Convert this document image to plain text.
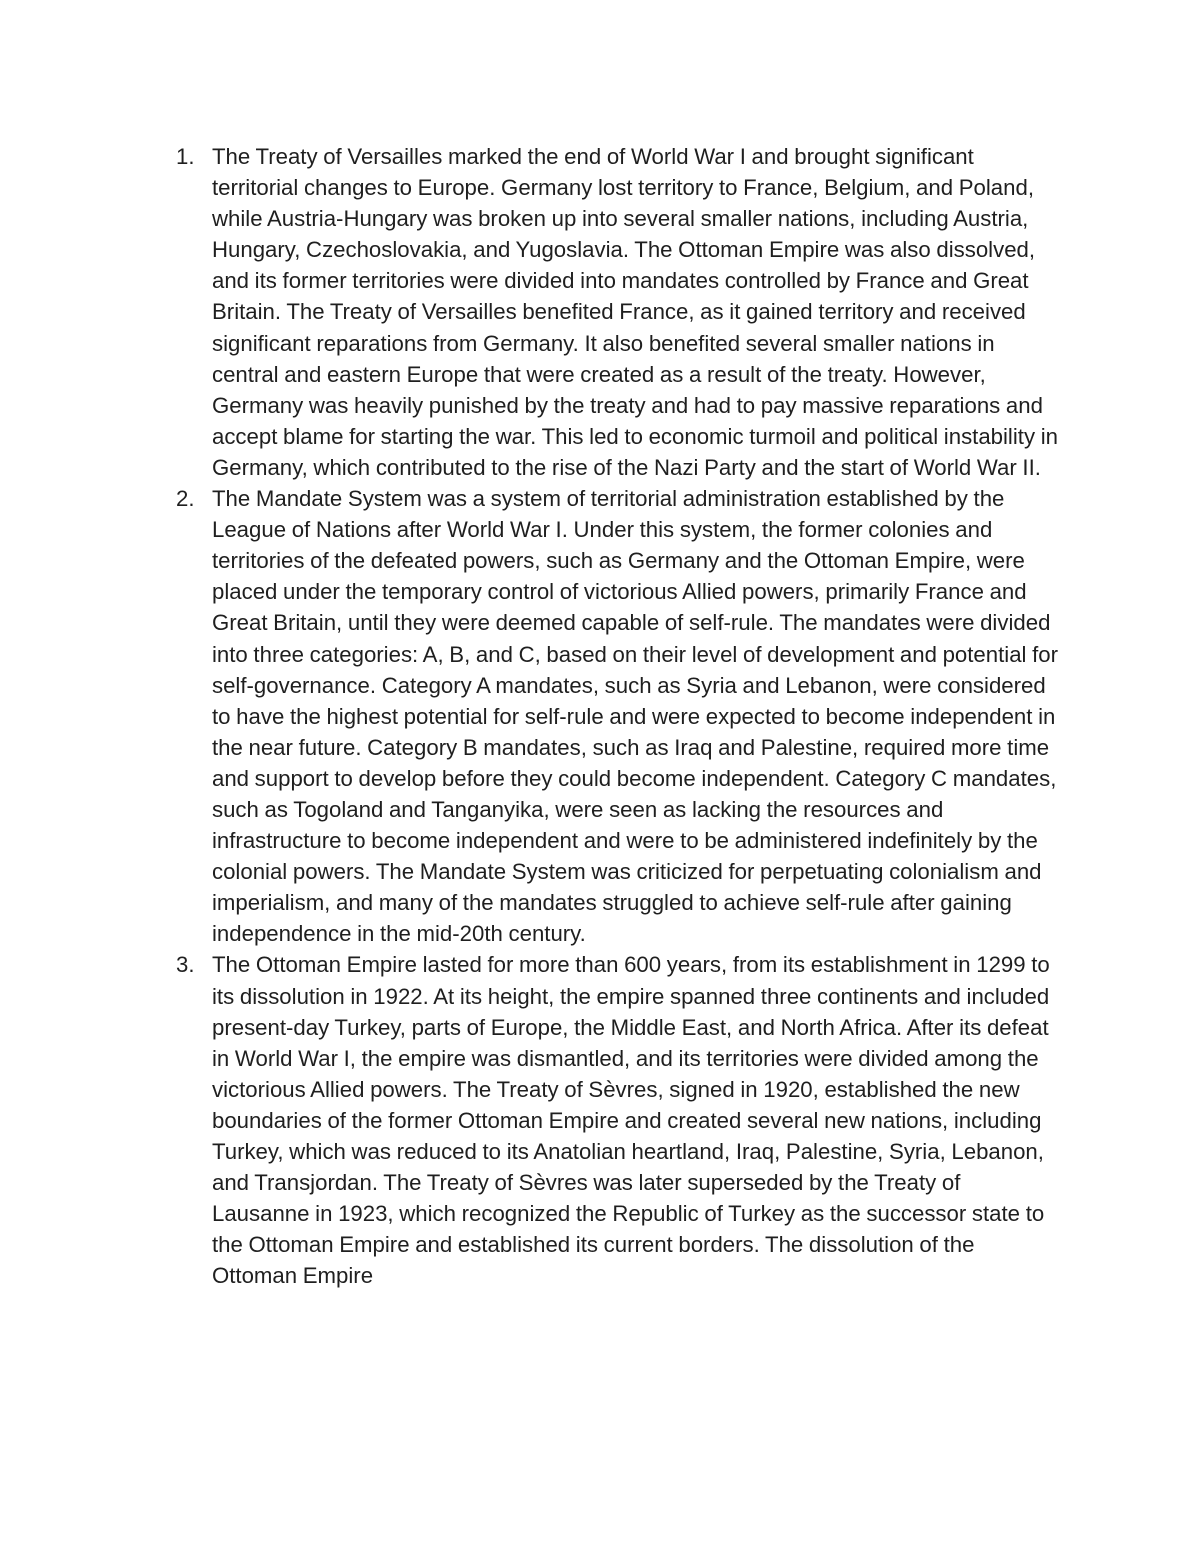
1. The Treaty of Versailles marked the end of World War I and brought significant territorial changes to Europe. Germany lost territory to France, Belgium, and Poland, while Austria-Hungary was broken up into several smaller nations, including Austria, Hungary, Czechoslovakia, and Yugoslavia. The Ottoman Empire was also dissolved, and its former territories were divided into mandates controlled by France and Great Britain. The Treaty of Versailles benefited France, as it gained territory and received significant reparations from Germany. It also benefited several smaller nations in central and eastern Europe that were created as a result of the treaty. However, Germany was heavily punished by the treaty and had to pay massive reparations and accept blame for starting the war. This led to economic turmoil and political instability in Germany, which contributed to the rise of the Nazi Party and the start of World War II.
2. The Mandate System was a system of territorial administration established by the League of Nations after World War I. Under this system, the former colonies and territories of the defeated powers, such as Germany and the Ottoman Empire, were placed under the temporary control of victorious Allied powers, primarily France and Great Britain, until they were deemed capable of self-rule. The mandates were divided into three categories: A, B, and C, based on their level of development and potential for self-governance. Category A mandates, such as Syria and Lebanon, were considered to have the highest potential for self-rule and were expected to become independent in the near future. Category B mandates, such as Iraq and Palestine, required more time and support to develop before they could become independent. Category C mandates, such as Togoland and Tanganyika, were seen as lacking the resources and infrastructure to become independent and were to be administered indefinitely by the colonial powers. The Mandate System was criticized for perpetuating colonialism and imperialism, and many of the mandates struggled to achieve self-rule after gaining independence in the mid-20th century.
3. The Ottoman Empire lasted for more than 600 years, from its establishment in 1299 to its dissolution in 1922. At its height, the empire spanned three continents and included present-day Turkey, parts of Europe, the Middle East, and North Africa. After its defeat in World War I, the empire was dismantled, and its territories were divided among the victorious Allied powers. The Treaty of Sèvres, signed in 1920, established the new boundaries of the former Ottoman Empire and created several new nations, including Turkey, which was reduced to its Anatolian heartland, Iraq, Palestine, Syria, Lebanon, and Transjordan. The Treaty of Sèvres was later superseded by the Treaty of Lausanne in 1923, which recognized the Republic of Turkey as the successor state to the Ottoman Empire and established its current borders. The dissolution of the Ottoman Empire
